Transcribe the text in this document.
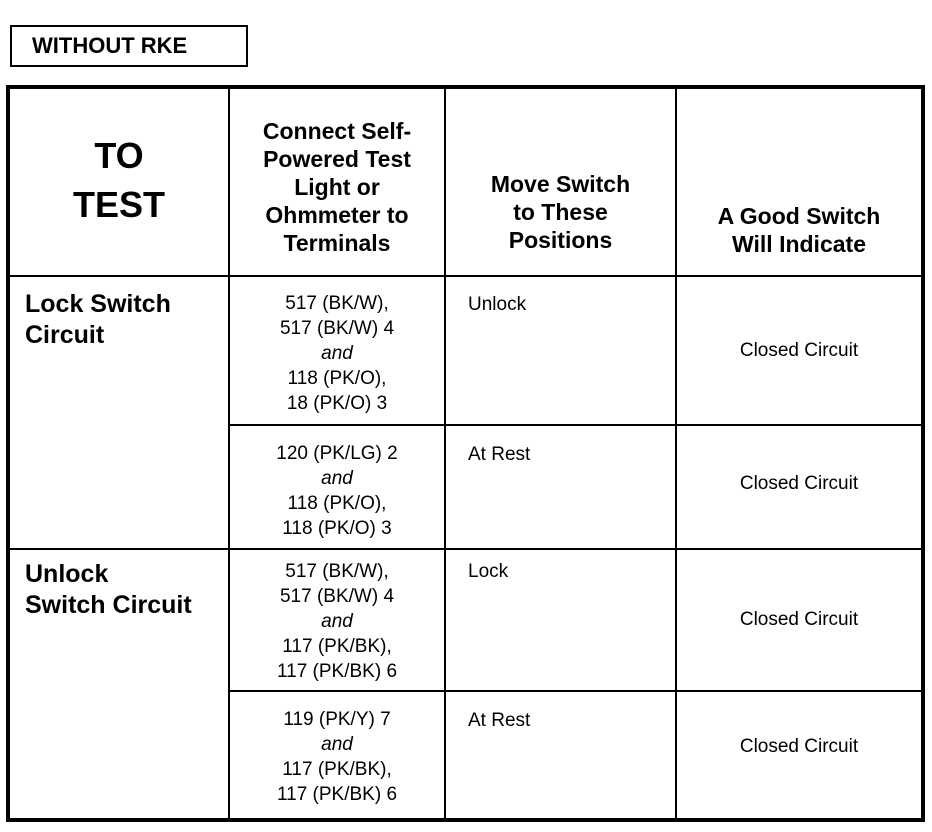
WITHOUT RKE
TO
TEST
Connect Self-
Powered Test
Light or
Ohmmeter to
Terminals
Move Switch
to These
Positions
A Good Switch
Will Indicate
Lock Switch
Circuit
517 (BK/W),
517 (BK/W) 4
and
118 (PK/O),
18 (PK/O) 3
Unlock
Closed Circuit
120 (PK/LG) 2
and
118 (PK/O),
118 (PK/O) 3
At Rest
Closed Circuit
Unlock
Switch Circuit
517 (BK/W),
517 (BK/W) 4
and
117 (PK/BK),
117 (PK/BK) 6
Lock
Closed Circuit
119 (PK/Y) 7
and
117 (PK/BK),
117 (PK/BK) 6
At Rest
Closed Circuit
